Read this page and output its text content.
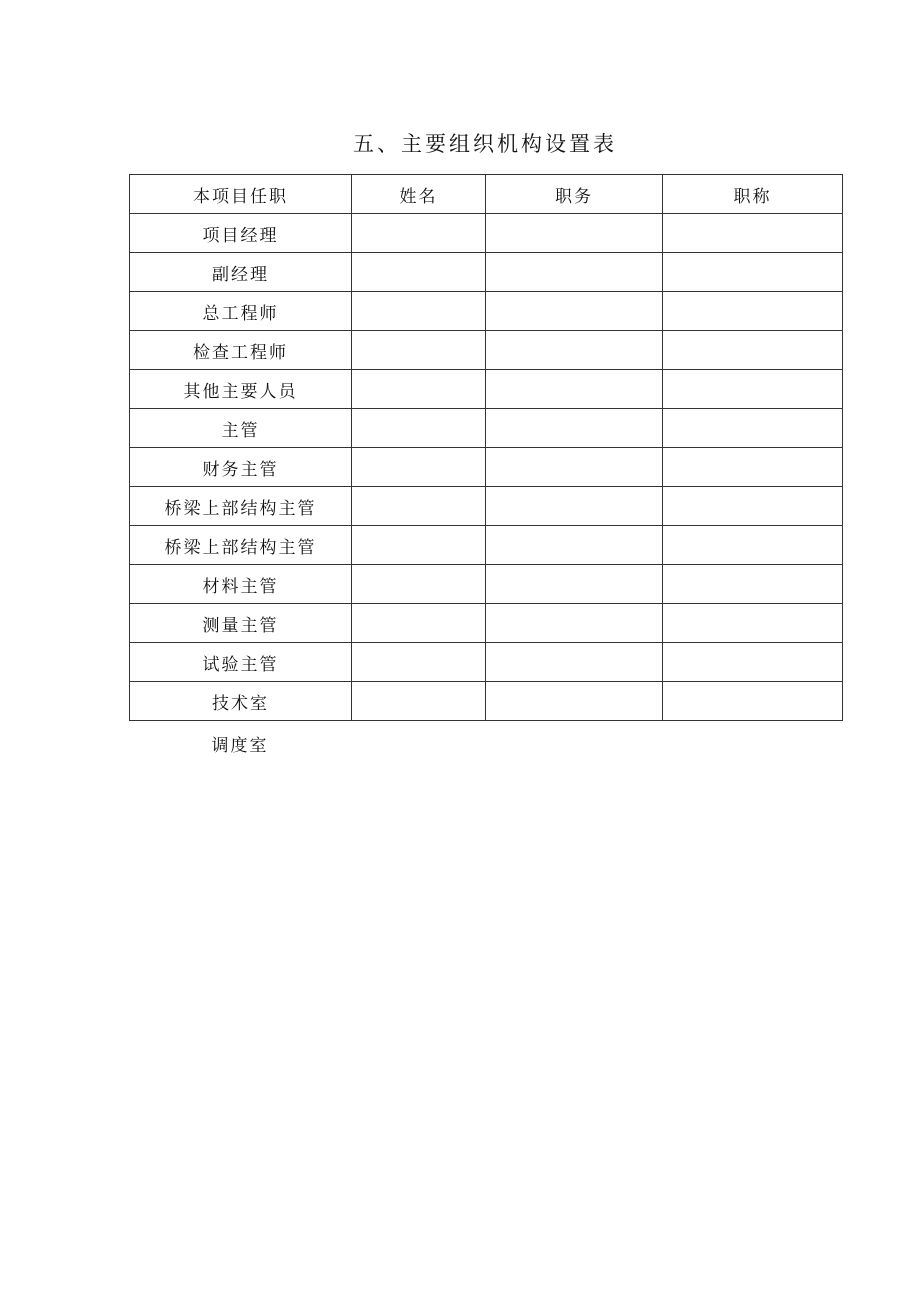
五、主要组织机构设置表
本项目任职	姓名	职务	职称
项目经理			
副经理			
总工程师			
检查工程师			
其他主要人员			
主管			
财务主管			
桥梁上部结构主管			
桥梁上部结构主管			
材料主管			
测量主管			
试验主管			
技术室			
调度室
